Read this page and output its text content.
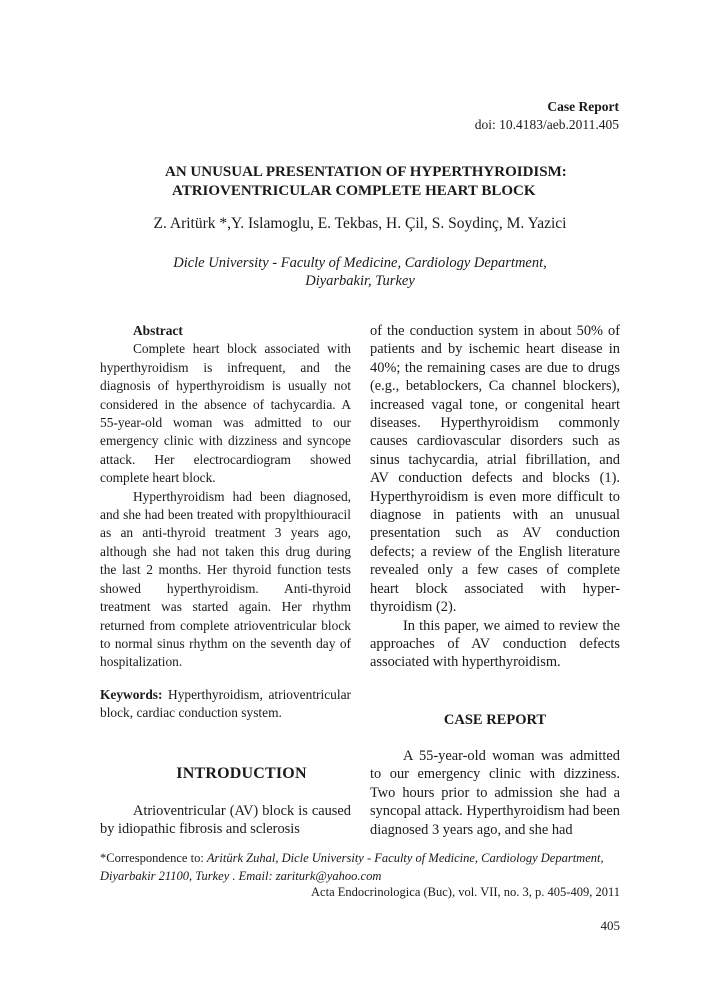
Case Report
doi: 10.4183/aeb.2011.405
AN UNUSUAL PRESENTATION OF HYPERTHYROIDISM:
ATRIOVENTRICULAR COMPLETE HEART BLOCK
Z. Aritürk *,Y. Islamoglu, E. Tekbas, H. Çil, S. Soydinç, M. Yazici
Dicle University - Faculty of Medicine, Cardiology Department,
Diyarbakir, Turkey
Abstract

Complete heart block associated with hyperthyroidism is infrequent, and the diagnosis of hyperthyroidism is usually not considered in the absence of tachycardia. A 55-year-old woman was admitted to our emergency clinic with dizziness and syncope attack. Her electrocardiogram showed complete heart block.

Hyperthyroidism had been diagnosed, and she had been treated with propylthiouracil as an anti-thyroid treatment 3 years ago, although she had not taken this drug during the last 2 months. Her thyroid function tests showed hyperthyroidism. Anti-thyroid treatment was started again. Her rhythm returned from complete atrioventricular block to normal sinus rhythm on the seventh day of hospitalization.

Keywords: Hyperthyroidism, atrioventricular block, cardiac conduction system.
INTRODUCTION

Atrioventricular (AV) block is caused by idiopathic fibrosis and sclerosis

of the conduction system in about 50% of patients and by ischemic heart disease in 40%; the remaining cases are due to drugs (e.g., betablockers, Ca channel blockers), increased vagal tone, or congenital heart diseases. Hyperthyroidism commonly causes cardiovascular disorders such as sinus tachycardia, atrial fibrillation, and AV conduction defects and blocks (1). Hyperthyroidism is even more difficult to diagnose in patients with an unusual presentation such as AV conduction defects; a review of the English literature revealed only a few cases of complete heart block associated with hyper-thyroidism (2).

In this paper, we aimed to review the approaches of AV conduction defects associated with hyperthyroidism.

CASE REPORT

A 55-year-old woman was admitted to our emergency clinic with dizziness. Two hours prior to admission she had a syncopal attack. Hyperthyroidism had been diagnosed 3 years ago, and she had

*Correspondence to: Aritürk Zuhal, Dicle University - Faculty of Medicine, Cardiology Department, Diyarbakir 21100, Turkey . Email: zariturk@yahoo.com
Acta Endocrinologica (Buc), vol. VII, no. 3, p. 405-409, 2011
405
